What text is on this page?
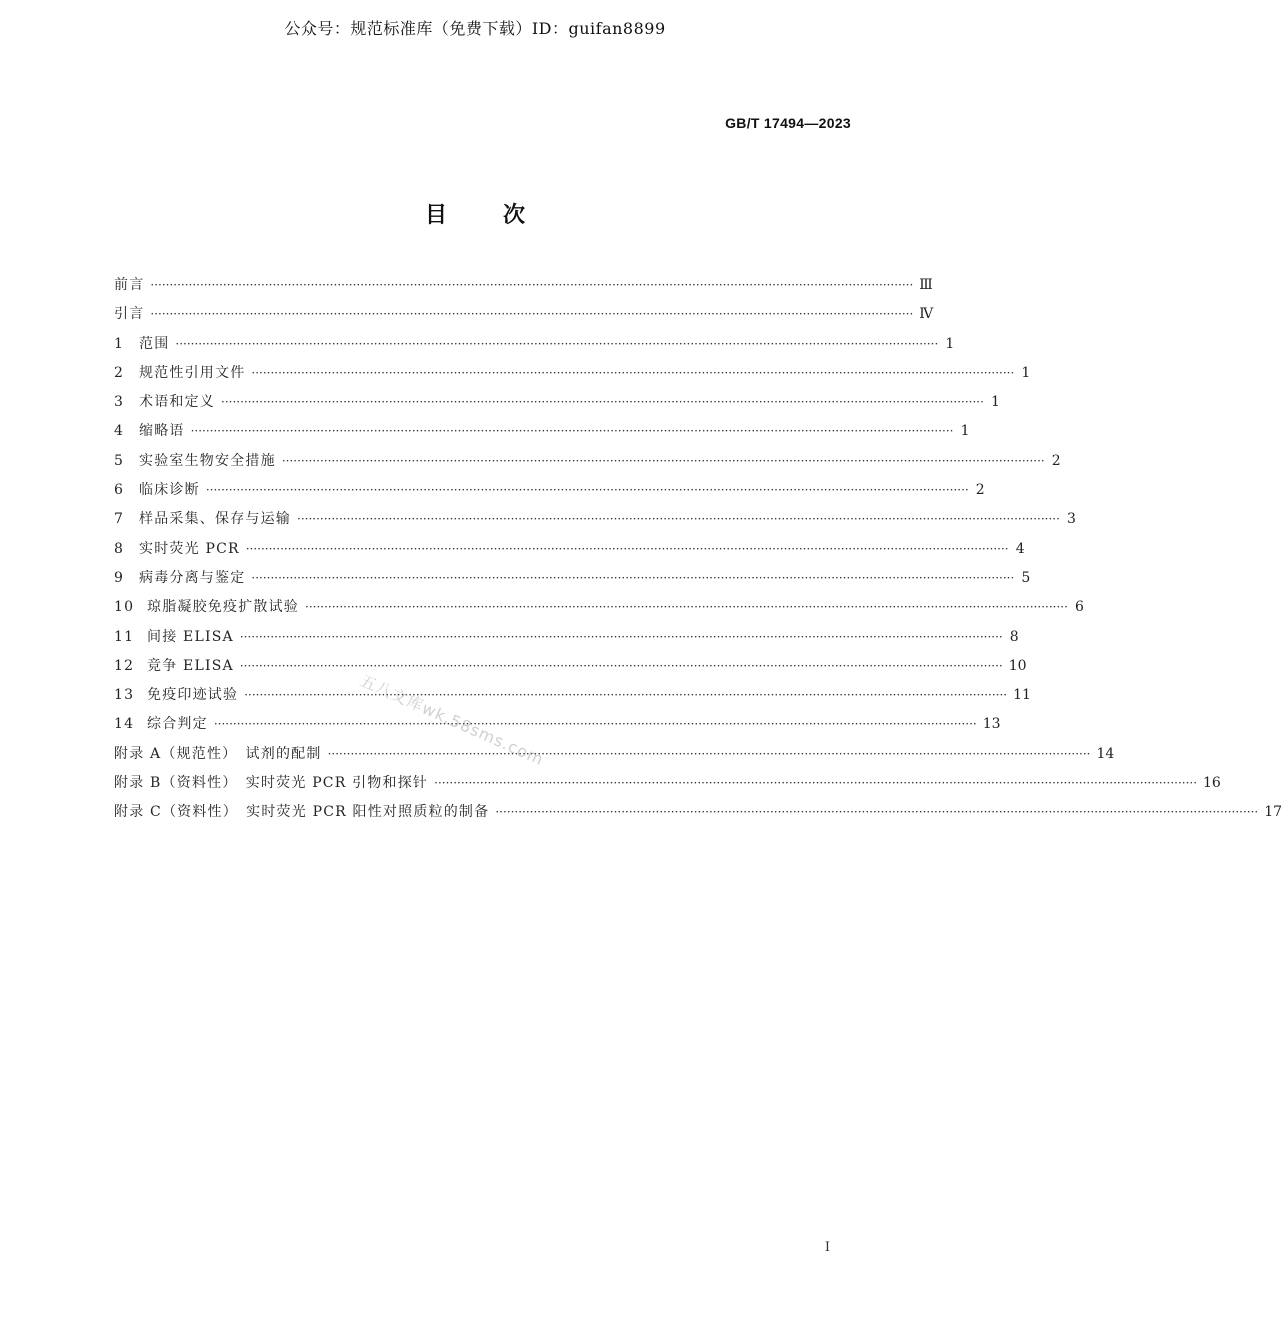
公众号：规范标准库（免费下载）ID：guifan8899
GB/T 17494—2023
目次
前言 ········································································································································································································ Ⅲ
引言 ········································································································································································································ Ⅳ
1	范围 ········································································································································································································ 1
2	规范性引用文件 ········································································································································································································ 1
3	术语和定义 ········································································································································································································ 1
4	缩略语 ········································································································································································································ 1
5	实验室生物安全措施 ········································································································································································································ 2
6	临床诊断 ········································································································································································································ 2
7	样品采集、保存与运输 ········································································································································································································ 3
8	实时荧光 PCR ········································································································································································································ 4
9	病毒分离与鉴定 ········································································································································································································ 5
10 琼脂凝胶免疫扩散试验 ········································································································································································································ 6
11 间接 ELISA ········································································································································································································ 8
12 竞争 ELISA ········································································································································································································ 10
13 免疫印迹试验 ········································································································································································································ 11
14 综合判定 ········································································································································································································ 13
附录 A（规范性）　试剂的配制 ········································································································································································································ 14
附录 B（资料性）　实时荧光 PCR 引物和探针 ········································································································································································································ 16
附录 C（资料性）　实时荧光 PCR 阳性对照质粒的制备 ········································································································································································································ 17
五八文库wk.58sms.com
I
